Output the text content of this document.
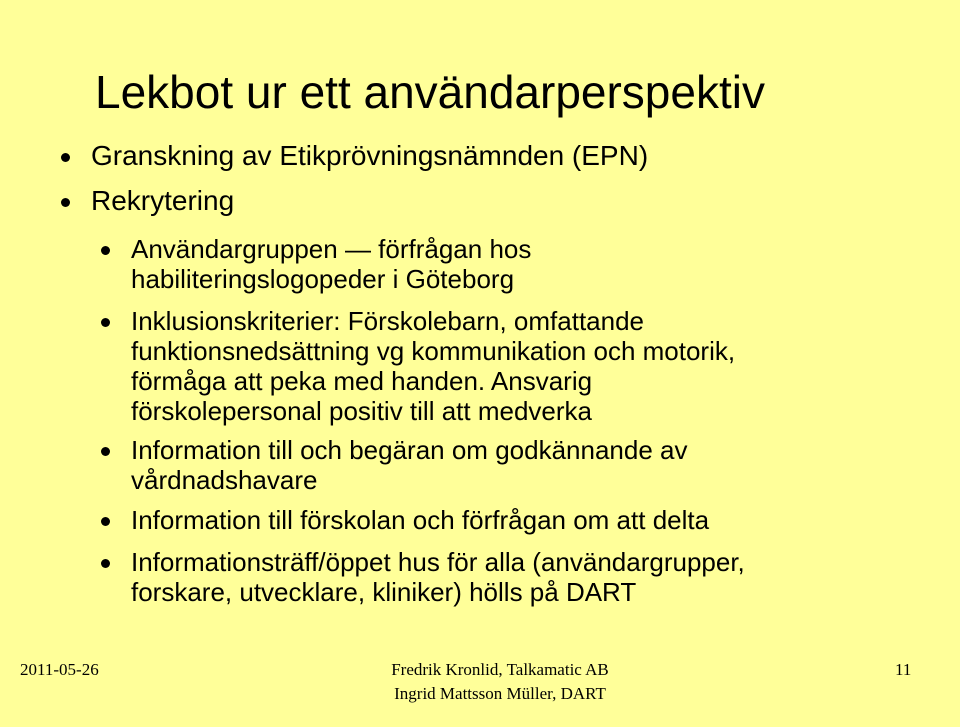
Lekbot ur ett användarperspektiv
Granskning av Etikprövningsnämnden (EPN)
Rekrytering
Användargruppen — förfrågan hos
habiliteringslogopeder i Göteborg
Inklusionskriterier: Förskolebarn, omfattande
funktionsnedsättning vg kommunikation och motorik,
förmåga att peka med handen. Ansvarig
förskolepersonal positiv till att medverka
Information till och begäran om godkännande av
vårdnadshavare
Information till förskolan och förfrågan om att delta
Informationsträff/öppet hus för alla (användargrupper,
forskare, utvecklare, kliniker) hölls på DART
2011-05-26	Fredrik Kronlid, Talkamatic AB
Ingrid Mattsson Müller, DART
11
